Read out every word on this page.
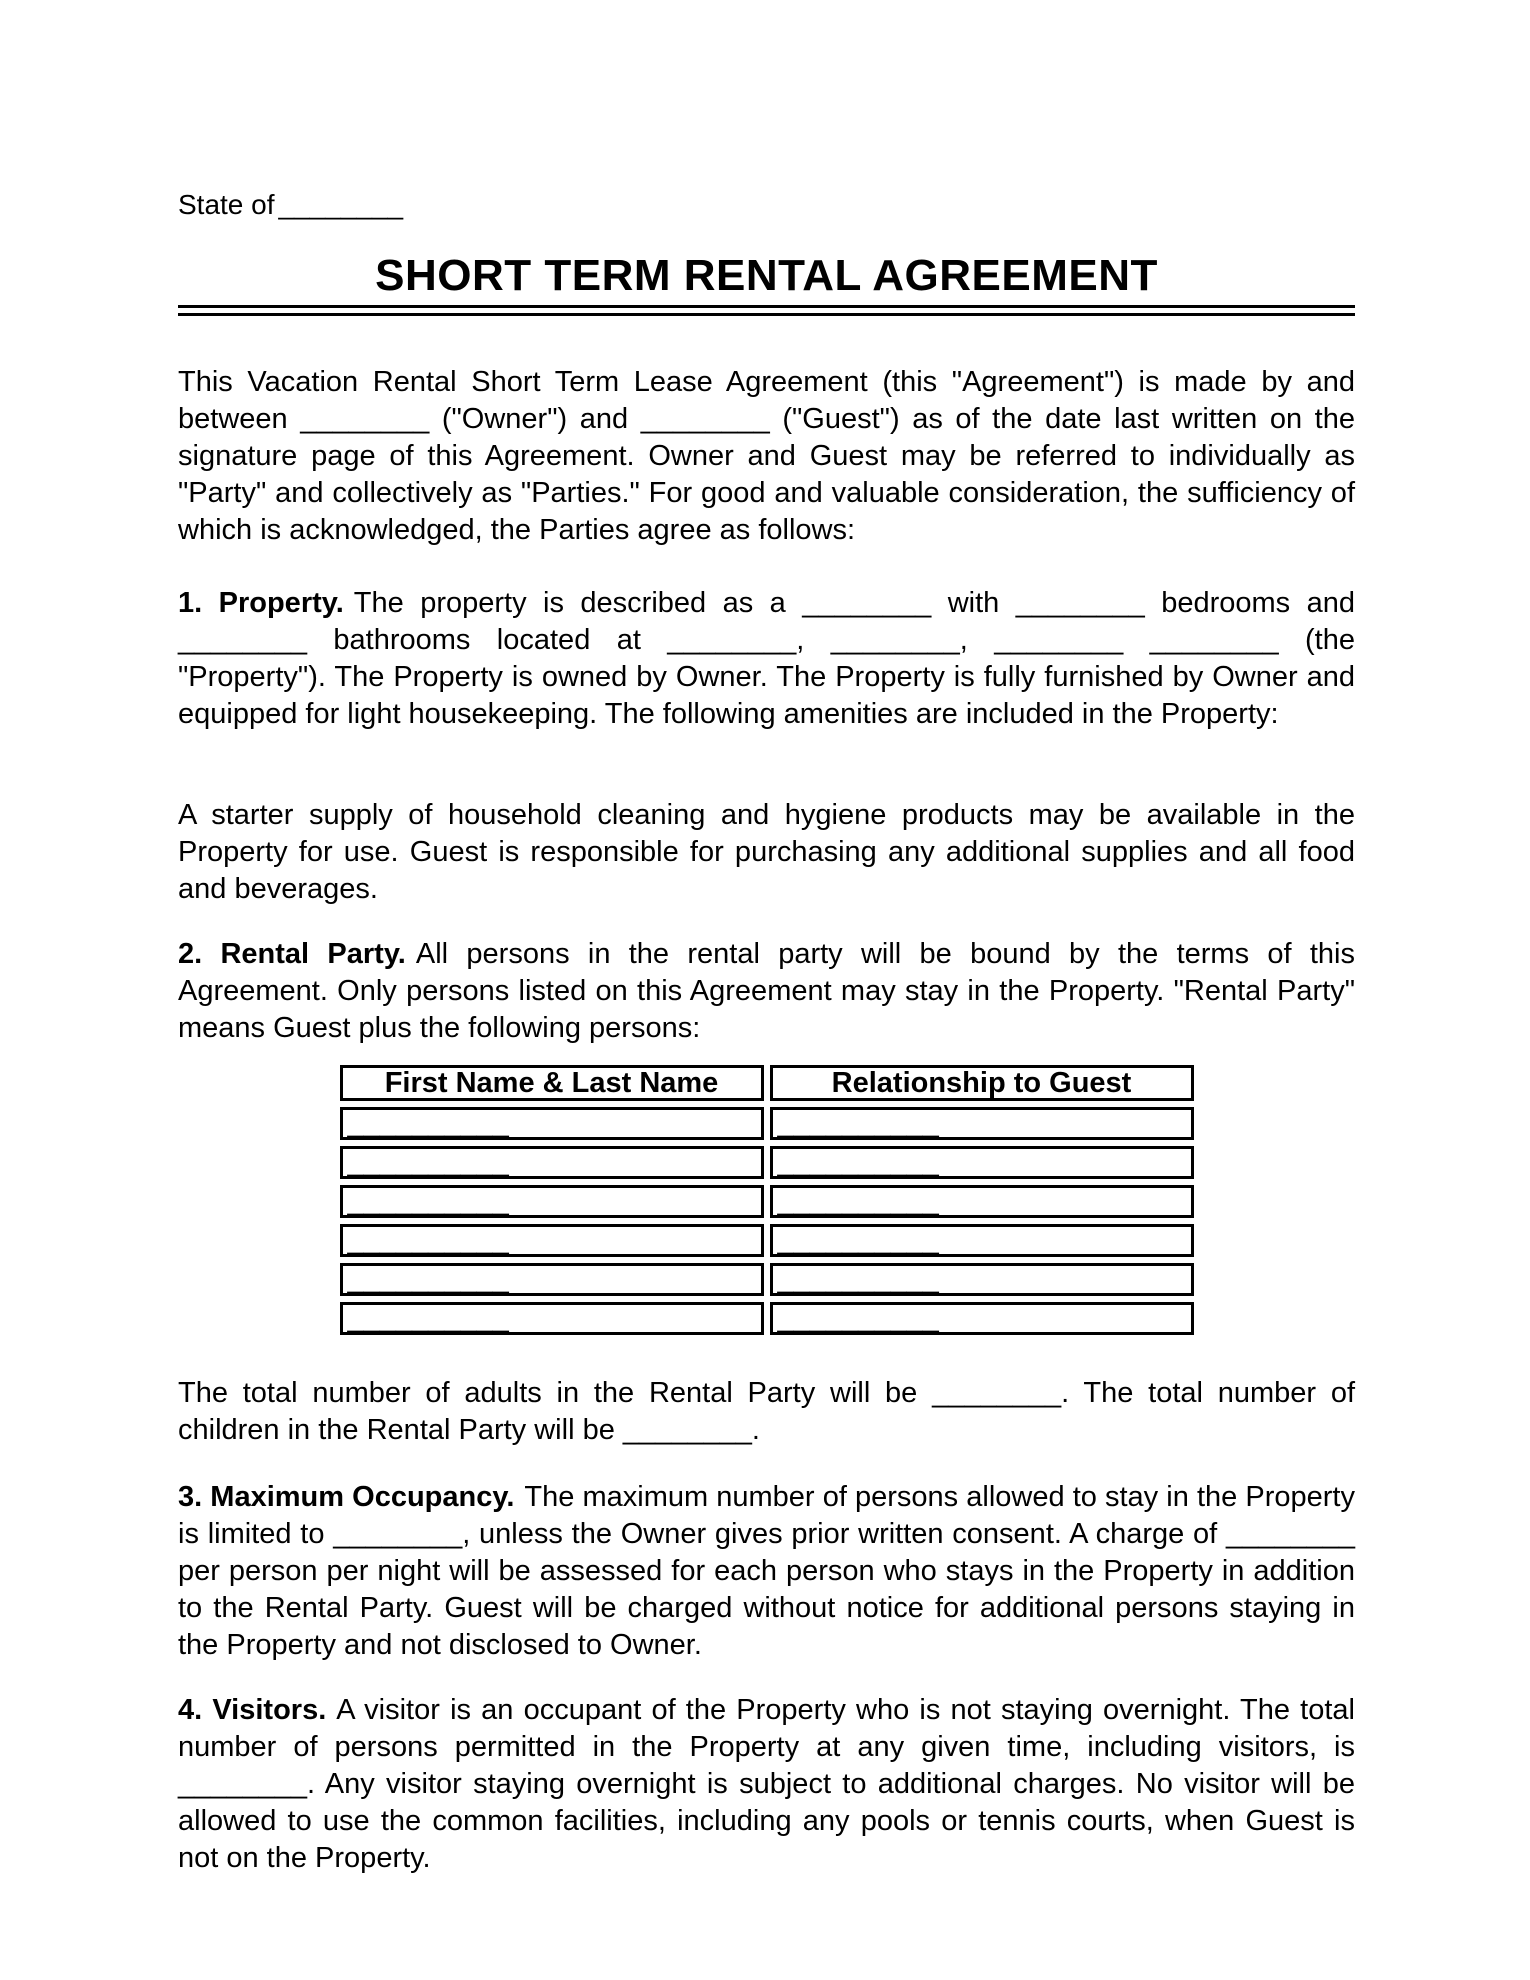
State of ________

SHORT TERM RENTAL AGREEMENT

This Vacation Rental Short Term Lease Agreement (this "Agreement") is made by and between ________ ("Owner") and ________ ("Guest") as of the date last written on the signature page of this Agreement. Owner and Guest may be referred to individually as "Party" and collectively as "Parties." For good and valuable consideration, the sufficiency of which is acknowledged, the Parties agree as follows:

1. Property. The property is described as a ________ with ________ bedrooms and ________ bathrooms located at ________, ________, ________ ________ (the "Property"). The Property is owned by Owner. The Property is fully furnished by Owner and equipped for light housekeeping. The following amenities are included in the Property:

A starter supply of household cleaning and hygiene products may be available in the Property for use. Guest is responsible for purchasing any additional supplies and all food and beverages.

2. Rental Party. All persons in the rental party will be bound by the terms of this Agreement. Only persons listed on this Agreement may stay in the Property. "Rental Party" means Guest plus the following persons:

First Name & Last Name	Relationship to Guest
__________	__________
__________	__________
__________	__________
__________	__________
__________	__________
__________	__________

The total number of adults in the Rental Party will be ________. The total number of children in the Rental Party will be ________.

3. Maximum Occupancy. The maximum number of persons allowed to stay in the Property is limited to ________, unless the Owner gives prior written consent. A charge of ________ per person per night will be assessed for each person who stays in the Property in addition to the Rental Party. Guest will be charged without notice for additional persons staying in the Property and not disclosed to Owner.

4. Visitors. A visitor is an occupant of the Property who is not staying overnight. The total number of persons permitted in the Property at any given time, including visitors, is ________. Any visitor staying overnight is subject to additional charges. No visitor will be allowed to use the common facilities, including any pools or tennis courts, when Guest is not on the Property.
